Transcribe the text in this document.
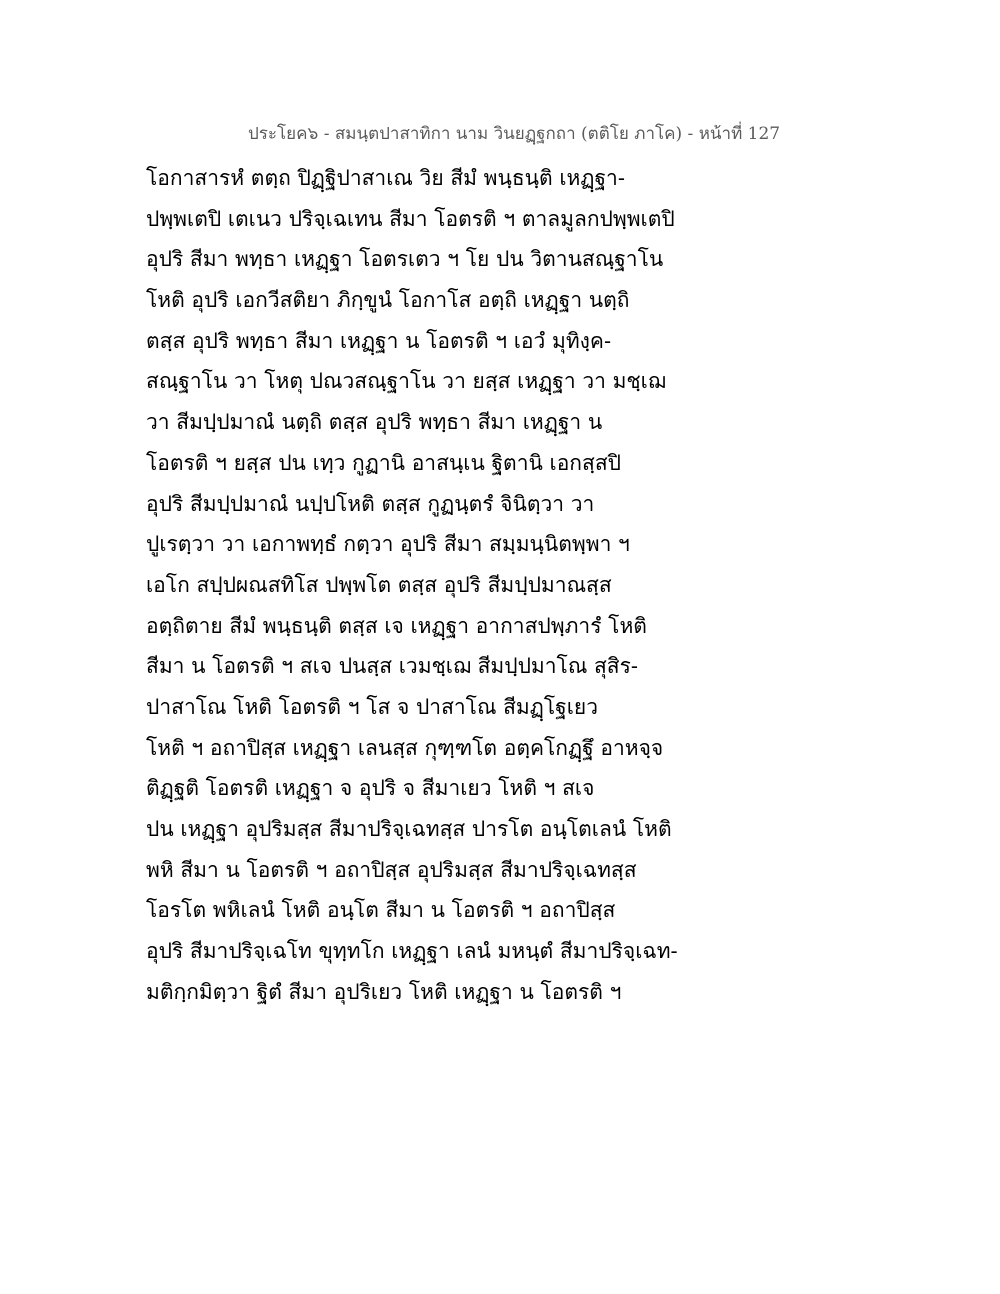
ประโยค๖ - สมนฺตปาสาทิกา นาม วินยฏฺฐกถา (ตติโย ภาโค) - หน้าที่ 127
โอกาสารหํ ตตฺถ ปิฏฺฐิปาสาเณ วิย สีมํ พนฺธนฺติ เหฏฺฐา-
ปพฺพเตปิ เตเนว ปริจฺเฉเทน สีมา โอตรติ ฯ ตาลมูลกปพฺพเตปิ
อุปริ สีมา พทฺธา เหฏฺฐา โอตรเตว ฯ โย ปน วิตานสณฺฐาโน
โหติ อุปริ เอกวีสติยา ภิกฺขูนํ โอกาโส อตฺถิ เหฏฺฐา นตฺถิ
ตสฺส อุปริ พทฺธา สีมา เหฏฺฐา น โอตรติ ฯ เอวํ มุทิงฺค-
สณฺฐาโน วา โหตุ ปณวสณฺฐาโน วา ยสฺส เหฏฺฐา วา มชฺเฌ
วา สีมปฺปมาณํ นตฺถิ ตสฺส อุปริ พทฺธา สีมา เหฏฺฐา น
โอตรติ ฯ ยสฺส ปน เทฺว กูฏานิ อาสนฺเน ฐิตานิ เอกสฺสปิ
อุปริ สีมปฺปมาณํ นปฺปโหติ ตสฺส กูฏนฺตรํ จินิตฺวา วา
ปูเรตฺวา วา เอกาพทฺธํ กตฺวา อุปริ สีมา สมฺมนฺนิตพฺพา ฯ
เอโก สปฺปผณสทิโส ปพฺพโต ตสฺส อุปริ สีมปฺปมาณสฺส
อตฺถิตาย สีมํ พนฺธนฺติ ตสฺส เจ เหฏฺฐา อากาสปพฺภารํ โหติ
สีมา น โอตรติ ฯ สเจ ปนสฺส เวมชฺเฌ สีมปฺปมาโณ สุสิร-
ปาสาโณ โหติ โอตรติ ฯ โส จ ปาสาโณ สีมฏฺโฐเยว
โหติ ฯ อถาปิสฺส เหฏฺฐา เลนสฺส กุฑฺฑโต อตฺคโกฏฺฐึ อาหจฺจ
ติฏฺฐติ โอตรติ เหฏฺฐา จ อุปริ จ สีมาเยว โหติ ฯ สเจ
ปน เหฏฺฐา อุปริมสฺส สีมาปริจฺเฉทสฺส ปารโต อนฺโตเลนํ โหติ
พหิ สีมา น โอตรติ ฯ อถาปิสฺส อุปริมสฺส สีมาปริจฺเฉทสฺส
โอรโต พหิเลนํ โหติ อนฺโต สีมา น โอตรติ ฯ อถาปิสฺส
อุปริ สีมาปริจฺเฉโท ขุทฺทโก เหฏฺฐา เลนํ มหนฺตํ สีมาปริจฺเฉท-
มติกฺกมิตฺวา ฐิตํ สีมา อุปริเยว โหติ เหฏฺฐา น โอตรติ ฯ
